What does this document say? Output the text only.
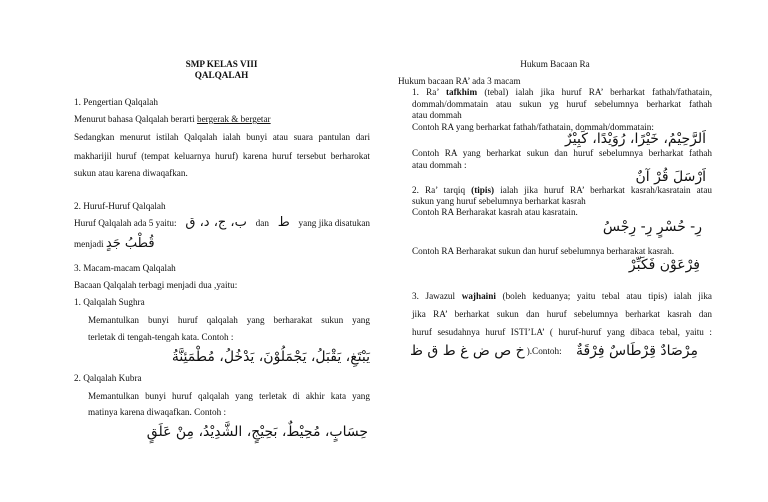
SMP KELAS VIII
QALQALAH
1. Pengertian Qalqalah
Menurut bahasa Qalqalah berarti bergerak & bergetar
Sedangkan menurut istilah Qalqalah ialah bunyi atau suara pantulan dari
makharijil huruf (tempat keluarnya huruf) karena huruf tersebut berharokat
sukun atau karena diwaqafkan.
2. Huruf-Huruf Qalqalah
Huruf Qalqalah ada 5 yaitu: ب، ج، د، ق dan ط yang jika disatukan
menjadi قُطْبُ جَدٍ
3. Macam-macam Qalqalah
Bacaan Qalqalah terbagi menjadi dua ,yaitu:
1. Qalqalah Sughra
Memantulkan bunyi huruf qalqalah yang berharakat sukun yang
terletak di tengah-tengah kata. Contoh :
يَبْتَغِ، يَقْبَلُ، يَجْمَلُوْنَ، يَدْخُلُ، مُطْمَئِنَّةُ
2. Qalqalah Kubra
Memantulkan bunyi huruf qalqalah yang terletak di akhir kata yang
matinya karena diwaqafkan. Contoh :
حِسَابٍ، مُحِيْطٌ، بَحِيْجٍ، الشَّدِيْدُ، مِنْ عَلَقٍ
Hukum Bacaan Ra
Hukum bacaan RA’ ada 3 macam
1. Ra’ tafkhim (tebal) ialah jika huruf RA’ berharkat fathah/fathatain,
dommah/dommatain atau sukun yg huruf sebelumnya berharkat fathah
atau dommah
Contoh RA yang berharkat fathah/fathatain, dommah/dommatain:
اَلرَّحِيْمُ، خَيْرًا، رُوَيْدًا، كَبِيْرٌ
Contoh RA yang berharkat sukun dan huruf sebelumnya berharkat fathah
atau dommah :
اَرْسَلَ قُرْ آنٌ
2. Ra’ tarqiq (tipis) ialah jika huruf RA’ berharkat kasrah/kasratain atau
sukun yang huruf sebelumnya berharkat kasrah
Contoh RA Berharakat kasrah atau kasratain.
رِ- حُسْرٍ رِ- رِجْسُ
Contoh RA Berharakat sukun dan huruf sebelumnya berharakat kasrah.
فِرْعَوْن فَكَبِّرْ
3. Jawazul wajhaini (boleh keduanya; yaitu tebal atau tipis) ialah jika
jika RA’ berharkat sukun dan huruf sebelumnya berharkat kasrah dan
huruf sesudahnya huruf ISTI’LA’ ( huruf-huruf yang dibaca tebal, yaitu :
خ ص ض غ ط ق ظ ).Contoh: مِرْصَادٌ قِرْطَاسٌ فِرْقَةٌ
